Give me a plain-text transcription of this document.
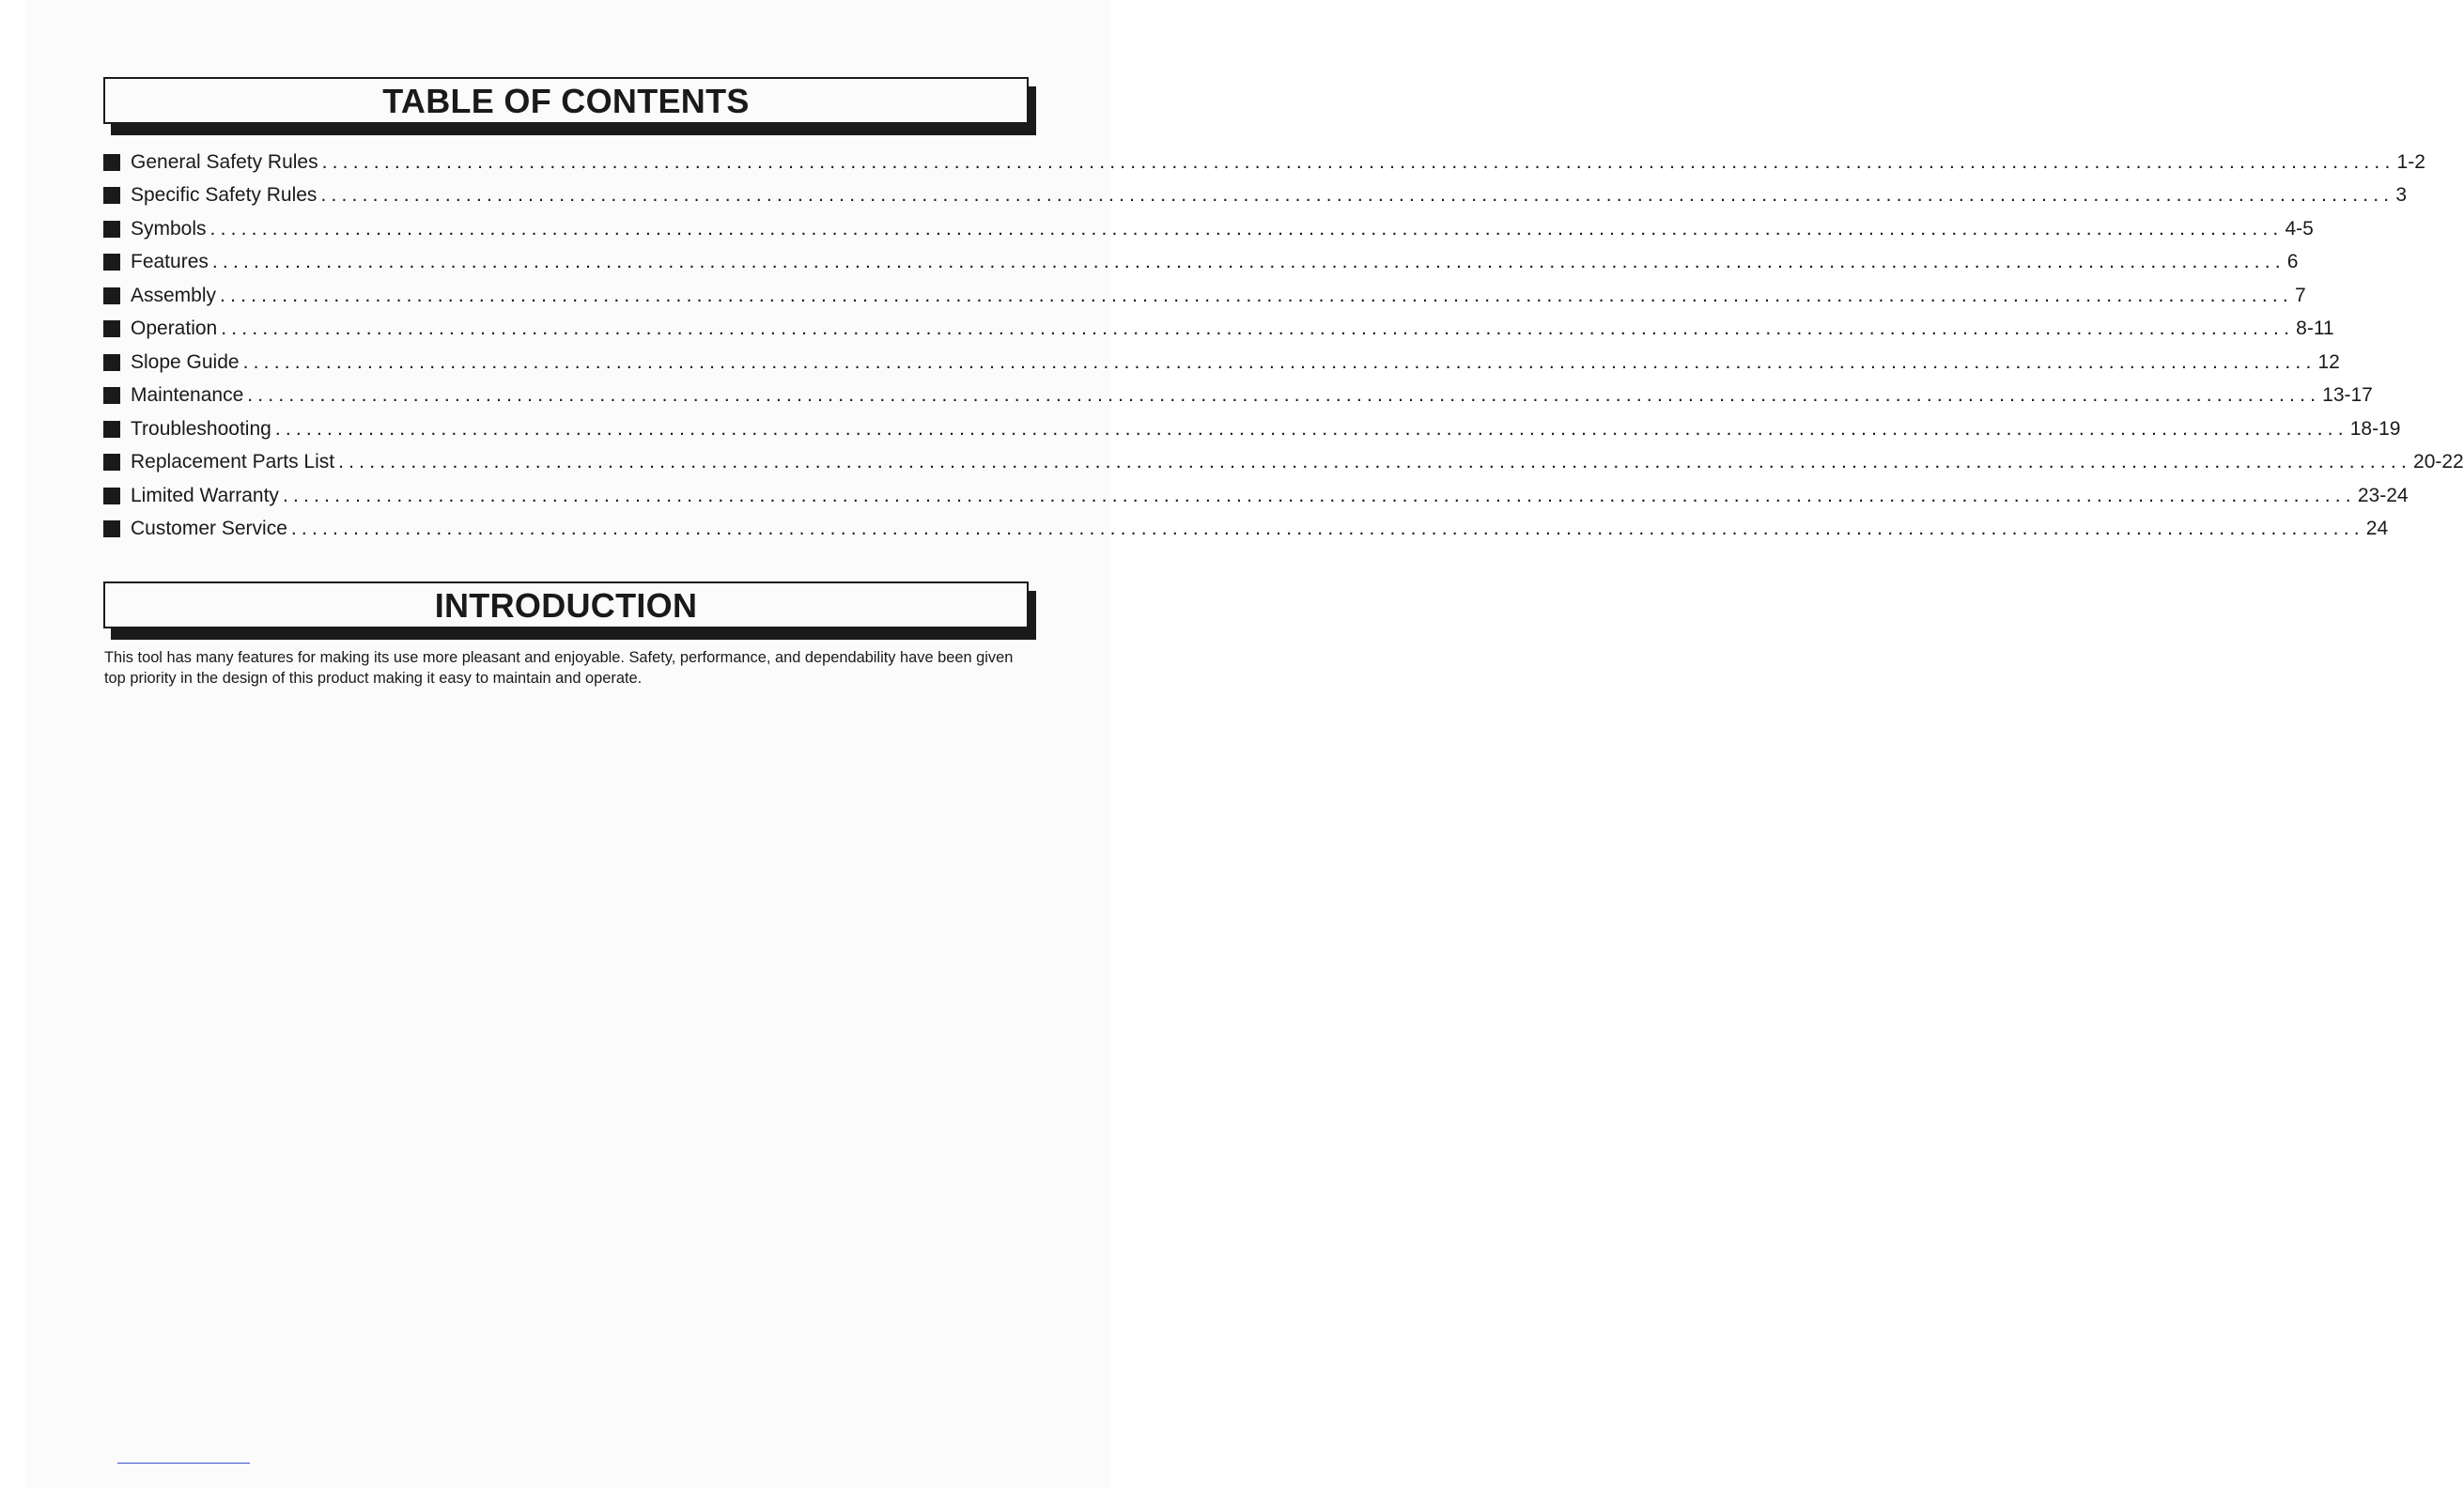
TABLE OF CONTENTS
General Safety Rules ........................................................................................................................................................................................................ 1-2
Specific Safety Rules ........................................................................................................................................................................................................ 3
Symbols ........................................................................................................................................................................................................ 4-5
Features ........................................................................................................................................................................................................ 6
Assembly ........................................................................................................................................................................................................ 7
Operation ........................................................................................................................................................................................................ 8-11
Slope Guide ........................................................................................................................................................................................................ 12
Maintenance ........................................................................................................................................................................................................ 13-17
Troubleshooting ........................................................................................................................................................................................................ 18-19
Replacement Parts List ........................................................................................................................................................................................................ 20-22
Limited Warranty ........................................................................................................................................................................................................ 23-24
Customer Service ........................................................................................................................................................................................................ 24
INTRODUCTION

This tool has many features for making its use more pleasant and enjoyable. Safety, performance, and dependability have been given top priority in the design of this product making it easy to maintain and operate.
